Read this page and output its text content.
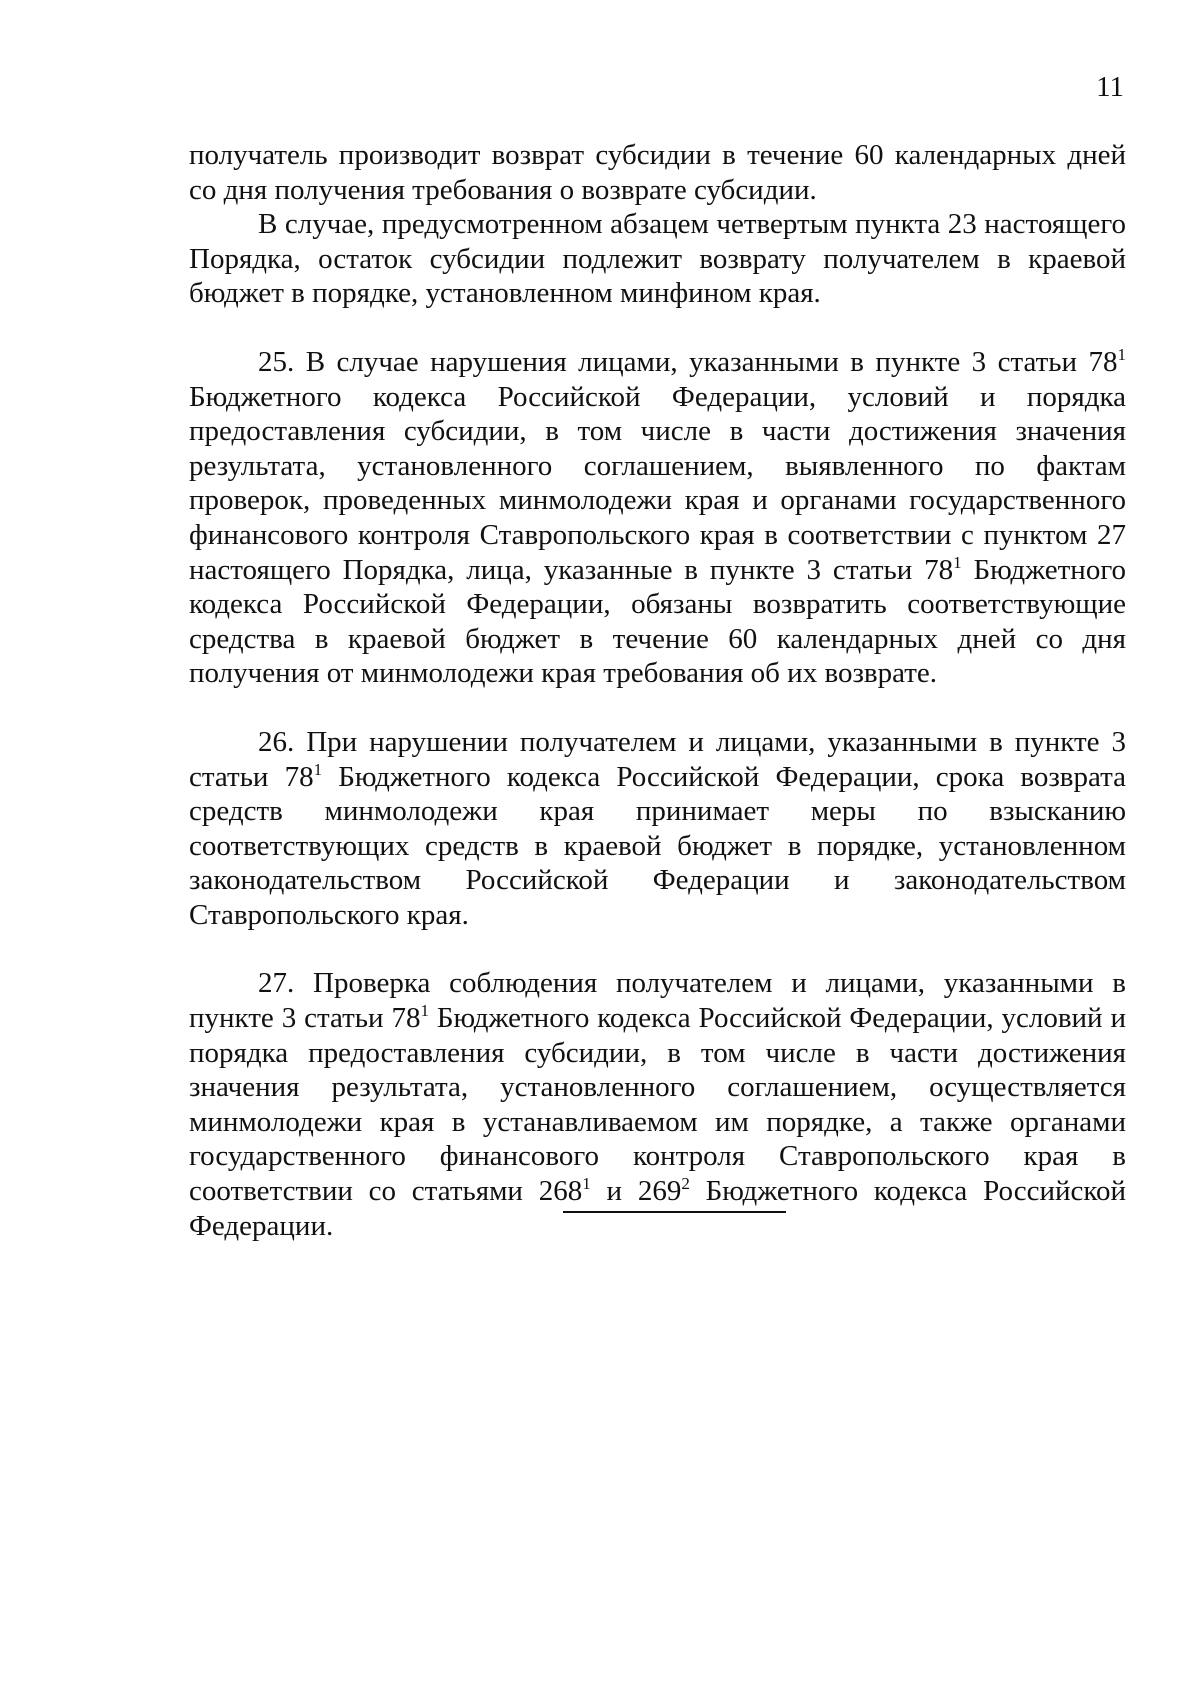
11

получатель производит возврат субсидии в течение 60 календарных дней со дня получения требования о возврате субсидии.

В случае, предусмотренном абзацем четвертым пункта 23 настоящего Порядка, остаток субсидии подлежит возврату получателем в краевой бюджет в порядке, установленном минфином края.

25. В случае нарушения лицами, указанными в пункте 3 статьи $78^1$ Бюджетного кодекса Российской Федерации, условий и порядка предоставления субсидии, в том числе в части достижения значения результата, установленного соглашением, выявленного по фактам проверок, проведенных минмолодежи края и органами государственного финансового контроля Ставропольского края в соответствии с пунктом 27 настоящего Порядка, лица, указанные в пункте 3 статьи $78^1$ Бюджетного кодекса Российской Федерации, обязаны возвратить соответствующие средства в краевой бюджет в течение 60 календарных дней со дня получения от минмолодежи края требования об их возврате.

26. При нарушении получателем и лицами, указанными в пункте 3 статьи $78^1$ Бюджетного кодекса Российской Федерации, срока возврата средств минмолодежи края принимает меры по взысканию соответствующих средств в краевой бюджет в порядке, установленном законодательством Российской Федерации и законодательством Ставропольского края.

27. Проверка соблюдения получателем и лицами, указанными в пункте 3 статьи $78^1$ Бюджетного кодекса Российской Федерации, условий и порядка предоставления субсидии, в том числе в части достижения значения результата, установленного соглашением, осуществляется минмолодежи края в устанавливаемом им порядке, а также органами государственного финансового контроля Ставропольского края в соответствии со статьями $268^1$ и $269^2$ Бюджетного кодекса Российской Федерации.
